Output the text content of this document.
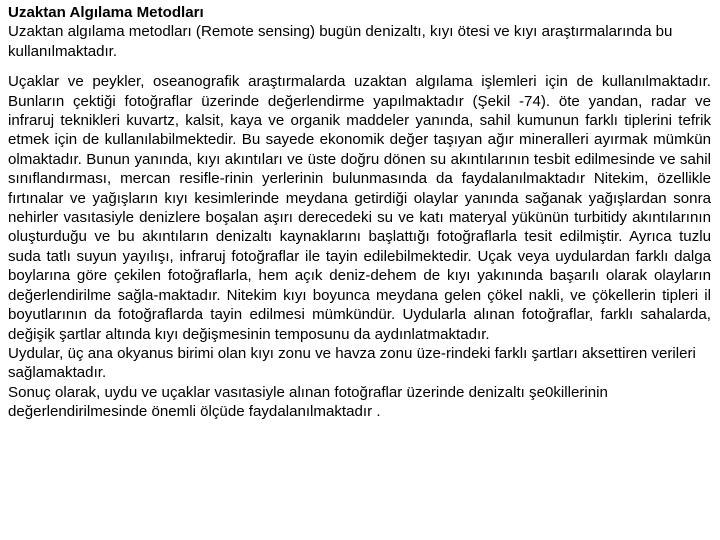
Uzaktan Algılama Metodları

Uzaktan algılama metodları (Remote sensing) bugün denizaltı, kıyı ötesi ve kıyı araştırmalarında bu kullanılmaktadır.

Uçaklar ve peykler, oseanografik araştırmalarda uzaktan algılama işlemleri için de kullanılmaktadır. Bunların çektiği fotoğraflar üzerinde değerlendirme yapılmaktadır (Şekil -74). öte yandan, radar ve infraruj teknikleri kuvartz, kalsit, kaya ve organik maddeler yanında, sahil kumunun farklı tiplerini tefrik etmek için de kullanılabilmektedir. Bu sayede ekonomik değer taşıyan ağır mineralleri ayırmak mümkün olmaktadır. Bunun yanında, kıyı akıntıları ve üste doğru dönen su akıntılarının tesbit edilmesinde ve sahil sınıflandırması, mercan resifle-rinin yerlerinin bulunmasında da faydalanılmaktadır Nitekim, özellikle fırtınalar ve yağışların kıyı kesimlerinde meydana getirdiği olaylar yanında sağanak yağışlardan sonra nehirler vasıtasiyle denizlere boşalan aşırı derecedeki su ve katı materyal yükünün turbitidy akıntılarının oluşturduğu ve bu akıntıların denizaltı kaynaklarını başlattığı fotoğraflarla tesit edilmiştir. Ayrıca tuzlu suda tatlı suyun yayılışı, infraruj fotoğraflar ile tayin edilebilmektedir. Uçak veya uydulardan farklı dalga boylarına göre çekilen fotoğraflarla, hem açık deniz-dehem de kıyı yakınında başarılı olarak olayların değerlendirilme sağla-maktadır. Nitekim kıyı boyunca meydana gelen çökel nakli, ve çökellerin tipleri il boyutlarının da fotoğraflarda tayin edilmesi mümkündür. Uydularla alınan fotoğraflar, farklı sahalarda, değişik şartlar altında kıyı değişmesinin temposunu da aydınlatmaktadır.

Uydular, üç ana okyanus birimi olan kıyı zonu ve havza zonu üze-rindeki farklı şartları aksettiren verileri sağlamaktadır.

Sonuç olarak, uydu ve uçaklar vasıtasiyle alınan fotoğraflar üzerinde denizaltı şe0killerinin değerlendirilmesinde önemli ölçüde faydalanılmaktadır .
